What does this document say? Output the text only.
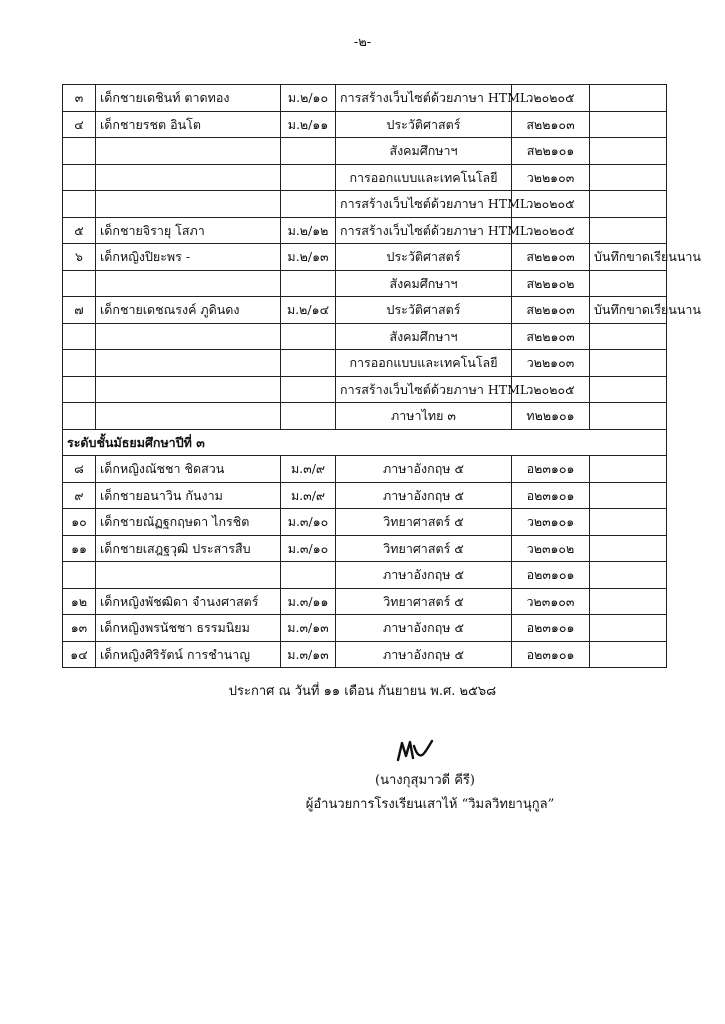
-๒-
๓	เด็กชายเดชินท์ ตาดทอง	ม.๒/๑๐	การสร้างเว็บไซต์ด้วยภาษา HTML	ว๒๐๒๐๕	
๔	เด็กชายรชต อินโต	ม.๒/๑๑	ประวัติศาสตร์	ส๒๒๑๐๓	
			สังคมศึกษาฯ	ส๒๒๑๐๑	
			การออกแบบและเทคโนโลยี	ว๒๒๑๐๓	
			การสร้างเว็บไซต์ด้วยภาษา HTML	ว๒๐๒๐๕	
๕	เด็กชายจิรายุ โสภา	ม.๒/๑๒	การสร้างเว็บไซต์ด้วยภาษา HTML	ว๒๐๒๐๕	
๖	เด็กหญิงปิยะพร -	ม.๒/๑๓	ประวัติศาสตร์	ส๒๒๑๐๓	บันทึกขาดเรียนนาน
			สังคมศึกษาฯ	ส๒๒๑๐๒	
๗	เด็กชายเดชณรงค์ ภูดินดง	ม.๒/๑๔	ประวัติศาสตร์	ส๒๒๑๐๓	บันทึกขาดเรียนนาน
			สังคมศึกษาฯ	ส๒๒๑๐๓	
			การออกแบบและเทคโนโลยี	ว๒๒๑๐๓	
			การสร้างเว็บไซต์ด้วยภาษา HTML	ว๒๐๒๐๕	
			ภาษาไทย ๓	ท๒๒๑๐๑	
ระดับชั้นมัธยมศึกษาปีที่ ๓					
๘	เด็กหญิงณัชชา ชิดสวน	ม.๓/๙	ภาษาอังกฤษ ๕	อ๒๓๑๐๑	
๙	เด็กชายอนาวิน กันงาม	ม.๓/๙	ภาษาอังกฤษ ๕	อ๒๓๑๐๑	
๑๐	เด็กชายณัฏฐกฤษดา ไกรชิต	ม.๓/๑๐	วิทยาศาสตร์ ๕	ว๒๓๑๐๑	
๑๑	เด็กชายเสฎฐวุฒิ ประสารสืบ	ม.๓/๑๐	วิทยาศาสตร์ ๕	ว๒๓๑๐๒	
			ภาษาอังกฤษ ๕	อ๒๓๑๐๑	
๑๒	เด็กหญิงพัชฒิดา จำนงศาสตร์	ม.๓/๑๑	วิทยาศาสตร์ ๕	ว๒๓๑๐๓	
๑๓	เด็กหญิงพรนัชชา ธรรมนิยม	ม.๓/๑๓	ภาษาอังกฤษ ๕	อ๒๓๑๐๑	
๑๔	เด็กหญิงศิริรัตน์ การชำนาญ	ม.๓/๑๓	ภาษาอังกฤษ ๕	อ๒๓๑๐๑	
ประกาศ ณ วันที่ ๑๑ เดือน กันยายน พ.ศ. ๒๕๖๘
(นางกุสุมาวดี คีรี)
ผู้อำนวยการโรงเรียนเสาไห้ “วิมลวิทยานุกูล”
